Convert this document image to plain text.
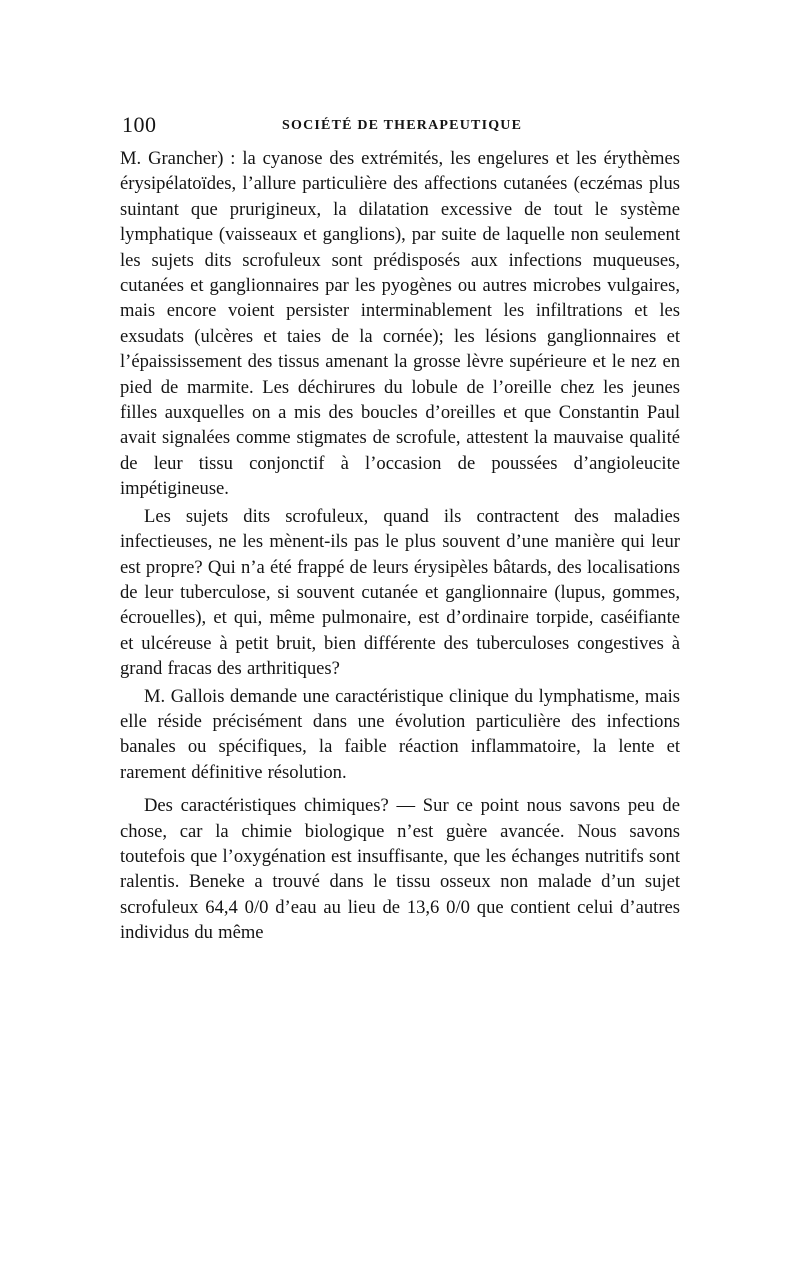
100	SOCIÉTÉ DE THERAPEUTIQUE

M. Grancher) : la cyanose des extrémités, les engelures et les érythèmes érysipélatoïdes, l’allure particulière des affections cutanées (eczémas plus suintant que prurigineux, la dilatation excessive de tout le système lymphatique (vaisseaux et ganglions), par suite de laquelle non seulement les sujets dits scrofuleux sont prédisposés aux infections muqueuses, cutanées et ganglionnaires par les pyogènes ou autres microbes vulgaires, mais encore voient persister interminablement les infiltrations et les exsudats (ulcères et taies de la cornée); les lésions ganglionnaires et l’épaississement des tissus amenant la grosse lèvre supérieure et le nez en pied de marmite. Les déchirures du lobule de l’oreille chez les jeunes filles auxquelles on a mis des boucles d’oreilles et que Constantin Paul avait signalées comme stigmates de scrofule, attestent la mauvaise qualité de leur tissu conjonctif à l’occasion de poussées d’angioleucite impétigineuse.

Les sujets dits scrofuleux, quand ils contractent des maladies infectieuses, ne les mènent-ils pas le plus souvent d’une manière qui leur est propre? Qui n’a été frappé de leurs érysipèles bâtards, des localisations de leur tuberculose, si souvent cutanée et ganglionnaire (lupus, gommes, écrouelles), et qui, même pulmonaire, est d’ordinaire torpide, caséifiante et ulcéreuse à petit bruit, bien différente des tuberculoses congestives à grand fracas des arthritiques?

M. Gallois demande une caractéristique clinique du lymphatisme, mais elle réside précisément dans une évolution particulière des infections banales ou spécifiques, la faible réaction inflammatoire, la lente et rarement définitive résolution.

Des caractéristiques chimiques? — Sur ce point nous savons peu de chose, car la chimie biologique n’est guère avancée. Nous savons toutefois que l’oxygénation est insuffisante, que les échanges nutritifs sont ralentis. Beneke a trouvé dans le tissu osseux non malade d’un sujet scrofuleux 64,4 0/0 d’eau au lieu de 13,6 0/0 que contient celui d’autres individus du même
